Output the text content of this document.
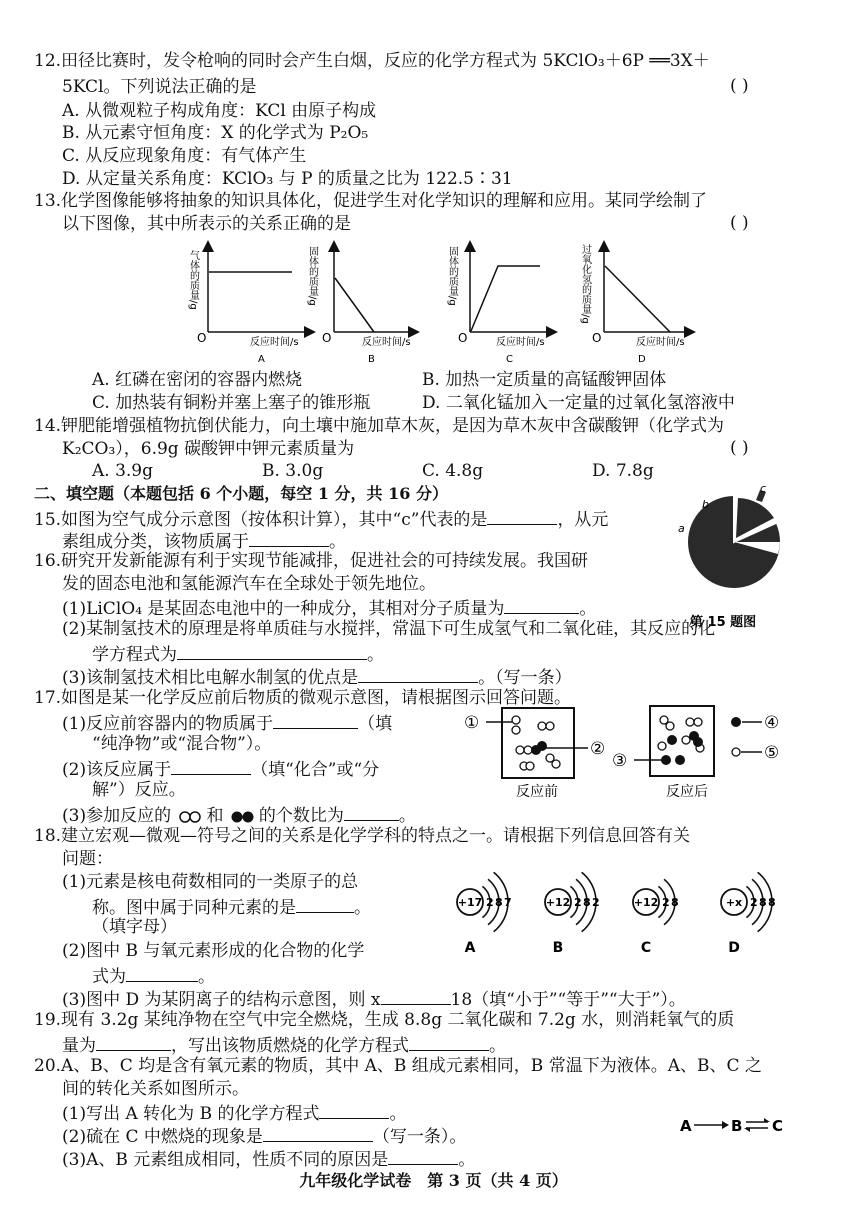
12.田径比赛时，发令枪响的同时会产生白烟，反应的化学方程式为 5KClO₃＋6P ══3X＋
5KCl。下列说法正确的是	( )
A. 从微观粒子构成角度：KCl 由原子构成
B. 从元素守恒角度：X 的化学式为 P₂O₅
C. 从反应现象角度：有气体产生
D. 从定量关系角度：KClO₃ 与 P 的质量之比为 122.5∶31
13.化学图像能够将抽象的知识具体化，促进学生对化学知识的理解和应用。某同学绘制了
以下图像，其中所表示的关系正确的是	( )
气体的质量/g
O	反应时间/s
A
固体的质量/g
O	反应时间/s
B
固体的质量/g
O	反应时间/s
C
过氧化氢的质量/g
O	反应时间/s
D
A. 红磷在密闭的容器内燃烧	B. 加热一定质量的高锰酸钾固体
C. 加热装有铜粉并塞上塞子的锥形瓶	D. 二氧化锰加入一定量的过氧化氢溶液中
14.钾肥能增强植物抗倒伏能力，向土壤中施加草木灰，是因为草木灰中含碳酸钾（化学式为
K₂CO₃），6.9g 碳酸钾中钾元素质量为	( )
A. 3.9g	B. 3.0g	C. 4.8g	D. 7.8g
二、填空题（本题包括 6 个小题，每空 1 分，共 16 分）
15.如图为空气成分示意图（按体积计算），其中“c”代表的是	，从元
素组成分类，该物质属于	。
a
b
c
第 15 题图
16.研究开发新能源有利于实现节能减排，促进社会的可持续发展。我国研
发的固态电池和氢能源汽车在全球处于领先地位。
(1)LiClO₄ 是某固态电池中的一种成分，其相对分子质量为	。
(2)某制氢技术的原理是将单质硅与水搅拌，常温下可生成氢气和二氧化硅，其反应的化
学方程式为	。
(3)该制氢技术相比电解水制氢的优点是	。（写一条）
17.如图是某一化学反应前后物质的微观示意图，请根据图示回答问题。
(1)反应前容器内的物质属于	（填
“纯净物”或“混合物”）。
(2)该反应属于	（填“化合”或“分
解”）反应。
(3)参加反应的 和 的个数比为	。
①
②
反应前
③
反应后
④
⑤
18.建立宏观—微观—符号之间的关系是化学学科的特点之一。请根据下列信息回答有关
问题：
(1)元素是核电荷数相同的一类原子的总
称。图中属于同种元素的是	。
（填字母）
(2)图中 B 与氧元素形成的化合物的化学
式为	。
(3)图中 D 为某阴离子的结构示意图，则 x	18（填“小于”“等于”“大于”）。
+17 2 8 7
A
+12 2 8 2
B
+12 2 8
C
+x 2 8 8
D
19.现有 3.2g 某纯净物在空气中完全燃烧，生成 8.8g 二氧化碳和 7.2g 水，则消耗氧气的质
量为	，写出该物质燃烧的化学方程式	。
20.A、B、C 均是含有氧元素的物质，其中 A、B 组成元素相同，B 常温下为液体。A、B、C 之
间的转化关系如图所示。
(1)写出 A 转化为 B 的化学方程式	。
(2)硫在 C 中燃烧的现象是	（写一条）。
(3)A、B 元素组成相同，性质不同的原因是	。
A	B C
九年级化学试卷　第 3 页（共 4 页）
